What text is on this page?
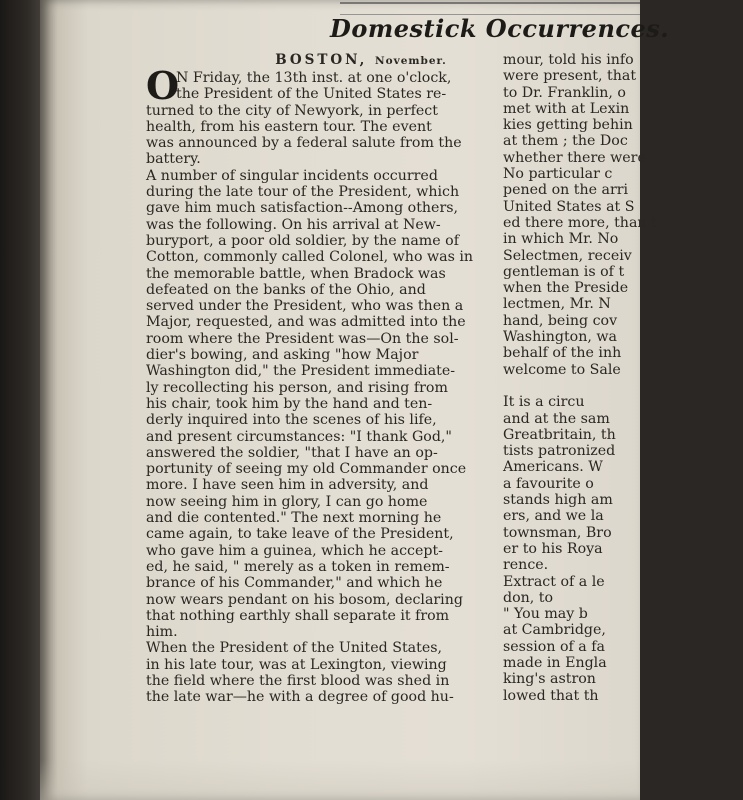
Domestick Occurrences.
BOSTON, November.
O
N Friday, the 13th inst. at one o'clock,
the President of the United States re-
turned to the city of Newyork, in perfect
health, from his eastern tour. The event
was announced by a federal salute from the
battery.
A number of singular incidents occurred
during the late tour of the President, which
gave him much satisfaction--Among others,
was the following. On his arrival at New-
buryport, a poor old soldier, by the name of
Cotton, commonly called Colonel, who was in
the memorable battle, when Bradock was
defeated on the banks of the Ohio, and
served under the President, who was then a
Major, requested, and was admitted into the
room where the President was—On the sol-
dier's bowing, and asking "how Major
Washington did," the President immediate-
ly recollecting his person, and rising from
his chair, took him by the hand and ten-
derly inquired into the scenes of his life,
and present circumstances: "I thank God,"
answered the soldier, "that I have an op-
portunity of seeing my old Commander once
more. I have seen him in adversity, and
now seeing him in glory, I can go home
and die contented." The next morning he
came again, to take leave of the President,
who gave him a guinea, which he accept-
ed, he said, " merely as a token in remem-
brance of his Commander," and which he
now wears pendant on his bosom, declaring
that nothing earthly shall separate it from
him.
When the President of the United States,
in his late tour, was at Lexington, viewing
the field where the first blood was shed in
the late war—he with a degree of good hu-
mour, told his info
were present, that
to Dr. Franklin, o
met with at Lexin
kies getting behin
at them ; the Doc
whether there were
No particular c
pened on the arri
United States at S
ed there more, than t
in which Mr. No
Selectmen, receiv
gentleman is of t
when the Preside
lectmen, Mr. N
hand, being cov
Washington, wa
behalf of the inh
welcome to Sale
It is a circu
and at the sam
Greatbritain, th
tists patronized
Americans. W
a favourite o
stands high am
ers, and we la
townsman, Bro
er to his Roya
rence.
Extract of a le
don, to
" You may b
at Cambridge,
session of a fa
made in Engla
king's astron
lowed that th
